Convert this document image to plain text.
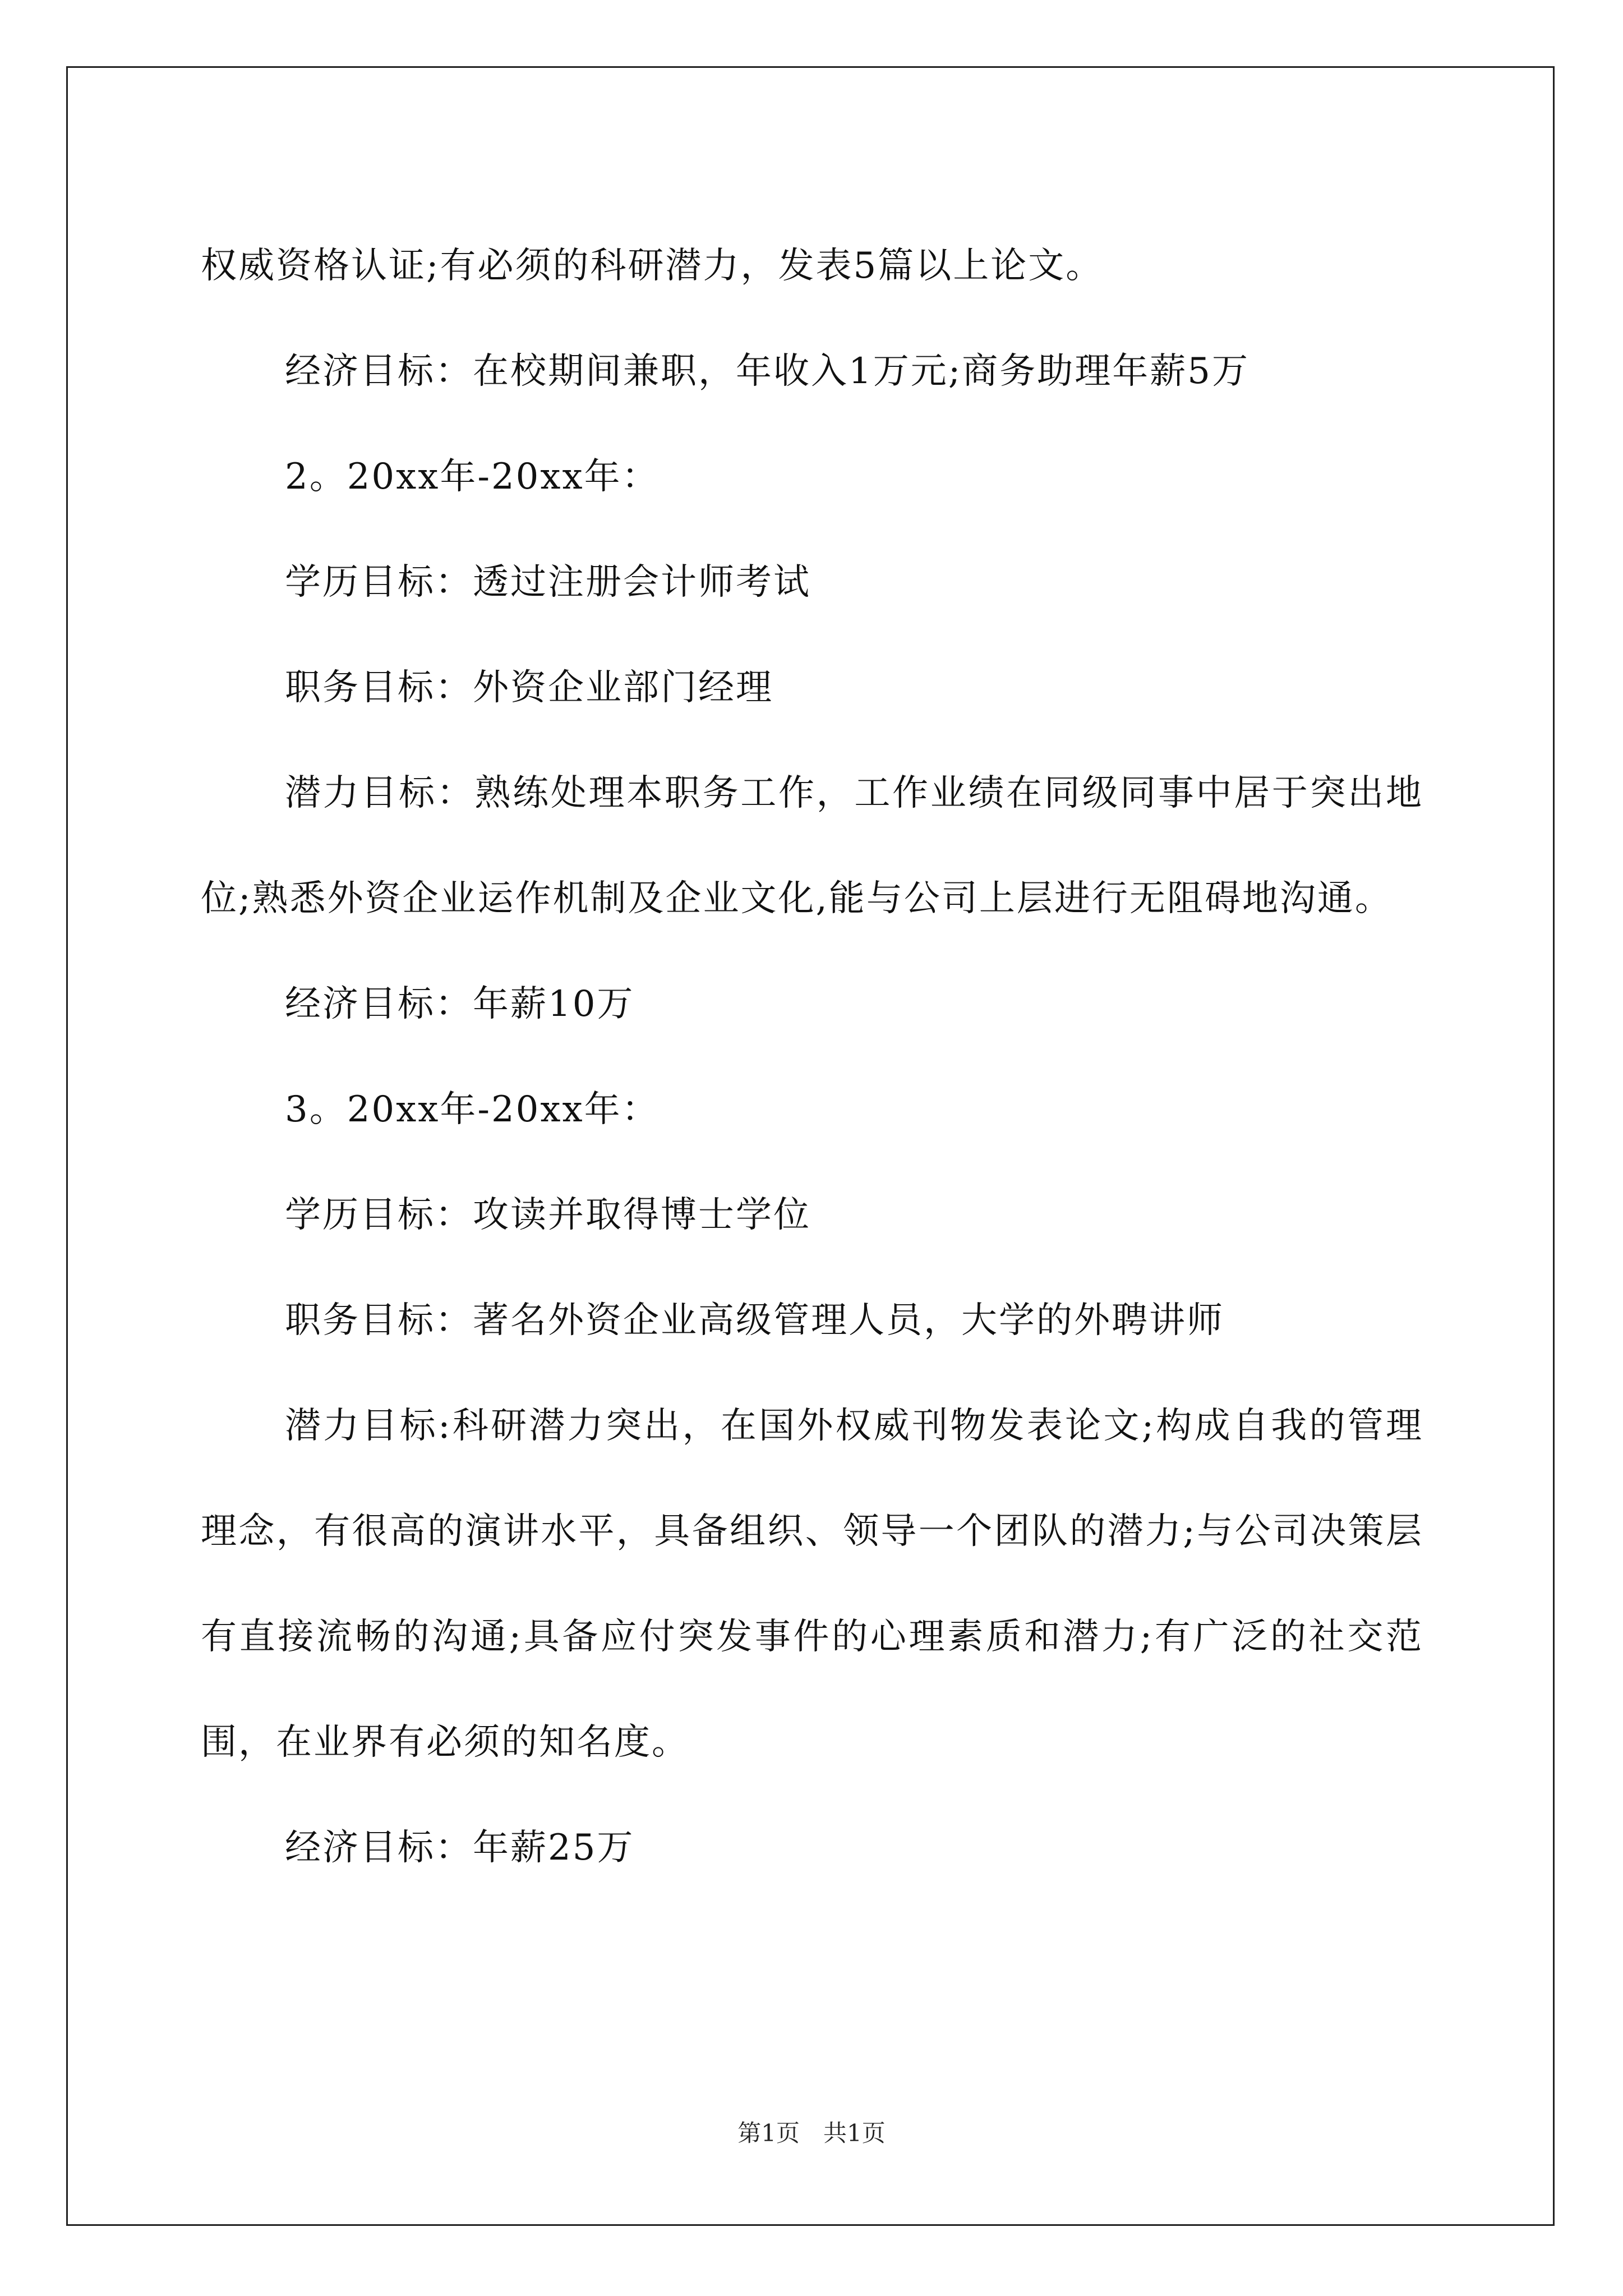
权威资格认证;有必须的科研潜力，发表5篇以上论文。

经济目标：在校期间兼职，年收入1万元;商务助理年薪5万

2。20xx年-20xx年：

学历目标：透过注册会计师考试

职务目标：外资企业部门经理

潜力目标：熟练处理本职务工作，工作业绩在同级同事中居于突出地位;熟悉外资企业运作机制及企业文化,能与公司上层进行无阻碍地沟通。

经济目标：年薪10万

3。20xx年-20xx年：

学历目标：攻读并取得博士学位

职务目标：著名外资企业高级管理人员，大学的外聘讲师

潜力目标:科研潜力突出，在国外权威刊物发表论文;构成自我的管理理念，有很高的演讲水平，具备组织、领导一个团队的潜力;与公司决策层有直接流畅的沟通;具备应付突发事件的心理素质和潜力;有广泛的社交范围，在业界有必须的知名度。

经济目标：年薪25万

第1页　共1页
